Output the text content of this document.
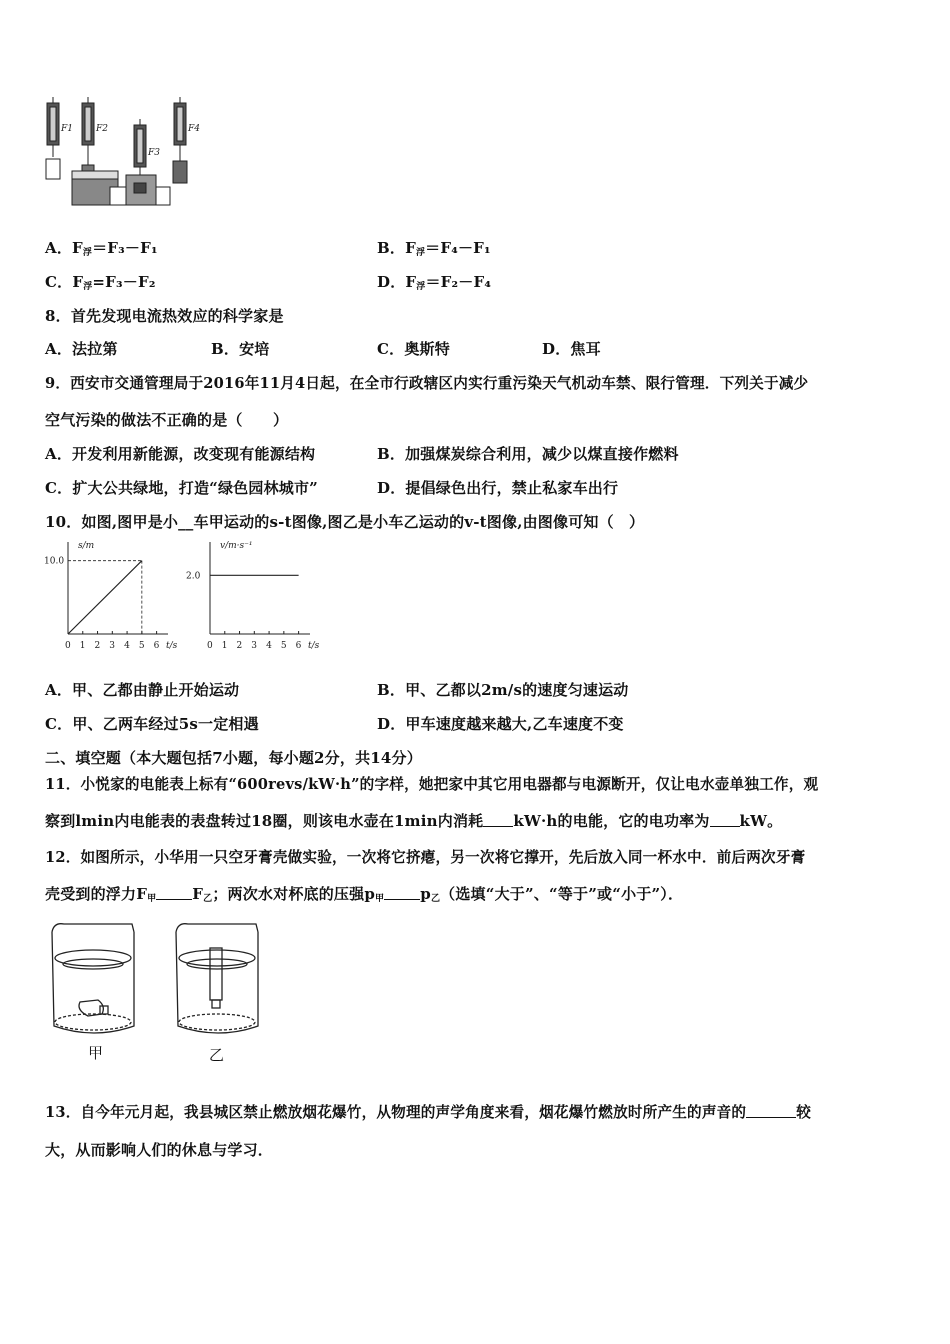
F1	F2
F3
F4
A．$F_浮=F_3-F_1$	B．$F_浮=F_4-F_1$
C．$F_浮=F_3-F_2$	D．$F_浮=F_2-F_4$
8．首先发现电流热效应的科学家是
A．法拉第	B．安培	C．奥斯特	D．焦耳
9．西安市交通管理局于2016年11月4日起，在全市行政辖区内实行重污染天气机动车禁、限行管理．下列关于减少
空气污染的做法不正确的是（　　）
A．开发利用新能源，改变现有能源结构	B．加强煤炭综合利用，减少以煤直接作燃料
C．扩大公共绿地，打造“绿色园林城市”	D．提倡绿色出行，禁止私家车出行
10．如图,图甲是小__车甲运动的s-t图像,图乙是小车乙运动的v-t图像,由图像可知（　）
s/m
t/s
0 1 2 3 4 5 6
10.0
v/m·s⁻¹
t/s
0 1 2 3 4 5 6
2.0
A．甲、乙都由静止开始运动	B．甲、乙都以2m/s的速度匀速运动
C．甲、乙两车经过5s一定相遇	D．甲车速度越来越大,乙车速度不变
二、填空题（本大题包括7小题，每小题2分，共14分）
11．小悦家的电能表上标有“600revs/kW·h”的字样，她把家中其它用电器都与电源断开，仅让电水壶单独工作，观
察到lmin内电能表的表盘转过18圈，则该电水壶在1min内消耗 kW·h的电能，它的电功率为 kW。
12．如图所示，小华用一只空牙膏壳做实验，一次将它挤瘪，另一次将它撑开，先后放入同一杯水中．前后两次牙膏
壳受到的浮力$F_甲$ $F_乙$；两次水对杯底的压强$p_甲$ $p_乙$（选填“大于”、“等于”或“小于”）．
甲	乙
13．自今年元月起，我县城区禁止燃放烟花爆竹，从物理的声学角度来看，烟花爆竹燃放时所产生的声音的	较
大，从而影响人们的休息与学习．
